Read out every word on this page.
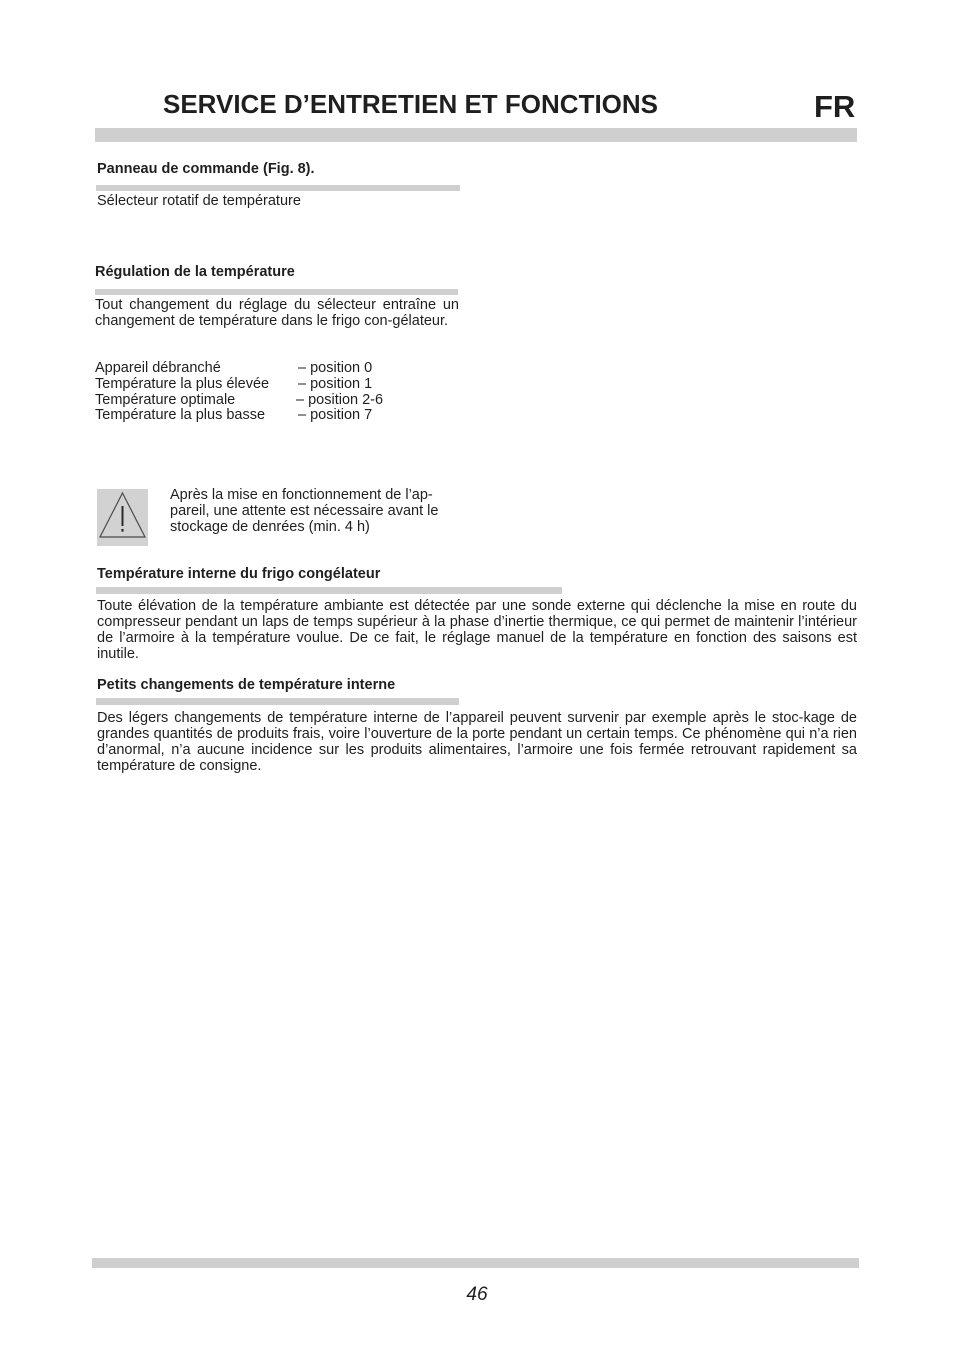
SERVICE D’ENTRETIEN ET FONCTIONS	FR
Panneau de commande (Fig. 8).
Sélecteur rotatif de température
Régulation de la température
Tout changement du réglage du sélecteur entraîne un changement de température dans le frigo con-gélateur.
Appareil débranché	– position 0
Température la plus élevée	– position 1
Température optimale	– position 2-6
Température la plus basse	– position 7
Après la mise en fonctionnement de l’ap-pareil, une attente est nécessaire avant le stockage de denrées (min. 4 h)
Température interne du frigo congélateur
Toute élévation de la température ambiante est détectée par une sonde externe qui déclenche la mise en route du compresseur pendant un laps de temps supérieur à la phase d’inertie thermique, ce qui permet de maintenir l’intérieur de l’armoire à la température voulue. De ce fait, le réglage manuel de la température en fonction des saisons est inutile.
Petits changements de température interne
Des légers changements de température interne de l’appareil peuvent survenir par exemple après le stoc-kage de grandes quantités de produits frais, voire l’ouverture de la porte pendant un certain temps. Ce phénomène qui n’a rien d’anormal, n’a aucune incidence sur les produits alimentaires, l’armoire une fois fermée retrouvant rapidement sa température de consigne.
46
